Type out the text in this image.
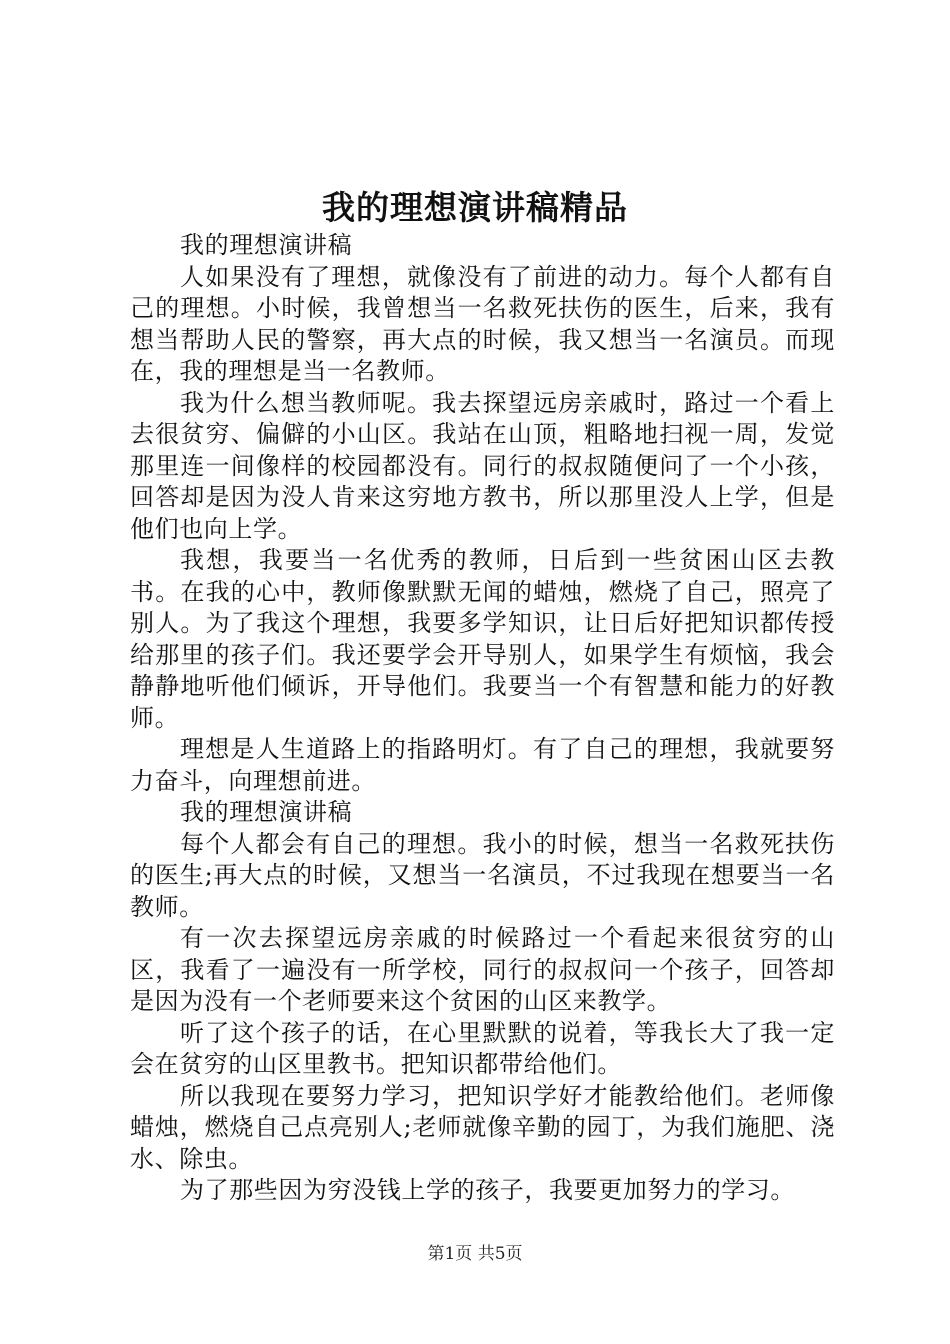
我的理想演讲稿精品

我的理想演讲稿

人如果没有了理想，就像没有了前进的动力。每个人都有自己的理想。小时候，我曾想当一名救死扶伤的医生，后来，我有想当帮助人民的警察，再大点的时候，我又想当一名演员。而现在，我的理想是当一名教师。

我为什么想当教师呢。我去探望远房亲戚时，路过一个看上去很贫穷、偏僻的小山区。我站在山顶，粗略地扫视一周，发觉那里连一间像样的校园都没有。同行的叔叔随便问了一个小孩，回答却是因为没人肯来这穷地方教书，所以那里没人上学，但是他们也向上学。

我想，我要当一名优秀的教师，日后到一些贫困山区去教书。在我的心中，教师像默默无闻的蜡烛，燃烧了自己，照亮了别人。为了我这个理想，我要多学知识，让日后好把知识都传授给那里的孩子们。我还要学会开导别人，如果学生有烦恼，我会静静地听他们倾诉，开导他们。我要当一个有智慧和能力的好教师。

理想是人生道路上的指路明灯。有了自己的理想，我就要努力奋斗，向理想前进。

我的理想演讲稿

每个人都会有自己的理想。我小的时候，想当一名救死扶伤的医生;再大点的时候，又想当一名演员，不过我现在想要当一名教师。

有一次去探望远房亲戚的时候路过一个看起来很贫穷的山区，我看了一遍没有一所学校，同行的叔叔问一个孩子，回答却是因为没有一个老师要来这个贫困的山区来教学。

听了这个孩子的话，在心里默默的说着，等我长大了我一定会在贫穷的山区里教书。把知识都带给他们。

所以我现在要努力学习，把知识学好才能教给他们。老师像蜡烛，燃烧自己点亮别人;老师就像辛勤的园丁，为我们施肥、浇水、除虫。

为了那些因为穷没钱上学的孩子，我要更加努力的学习。

第1页 共5页
